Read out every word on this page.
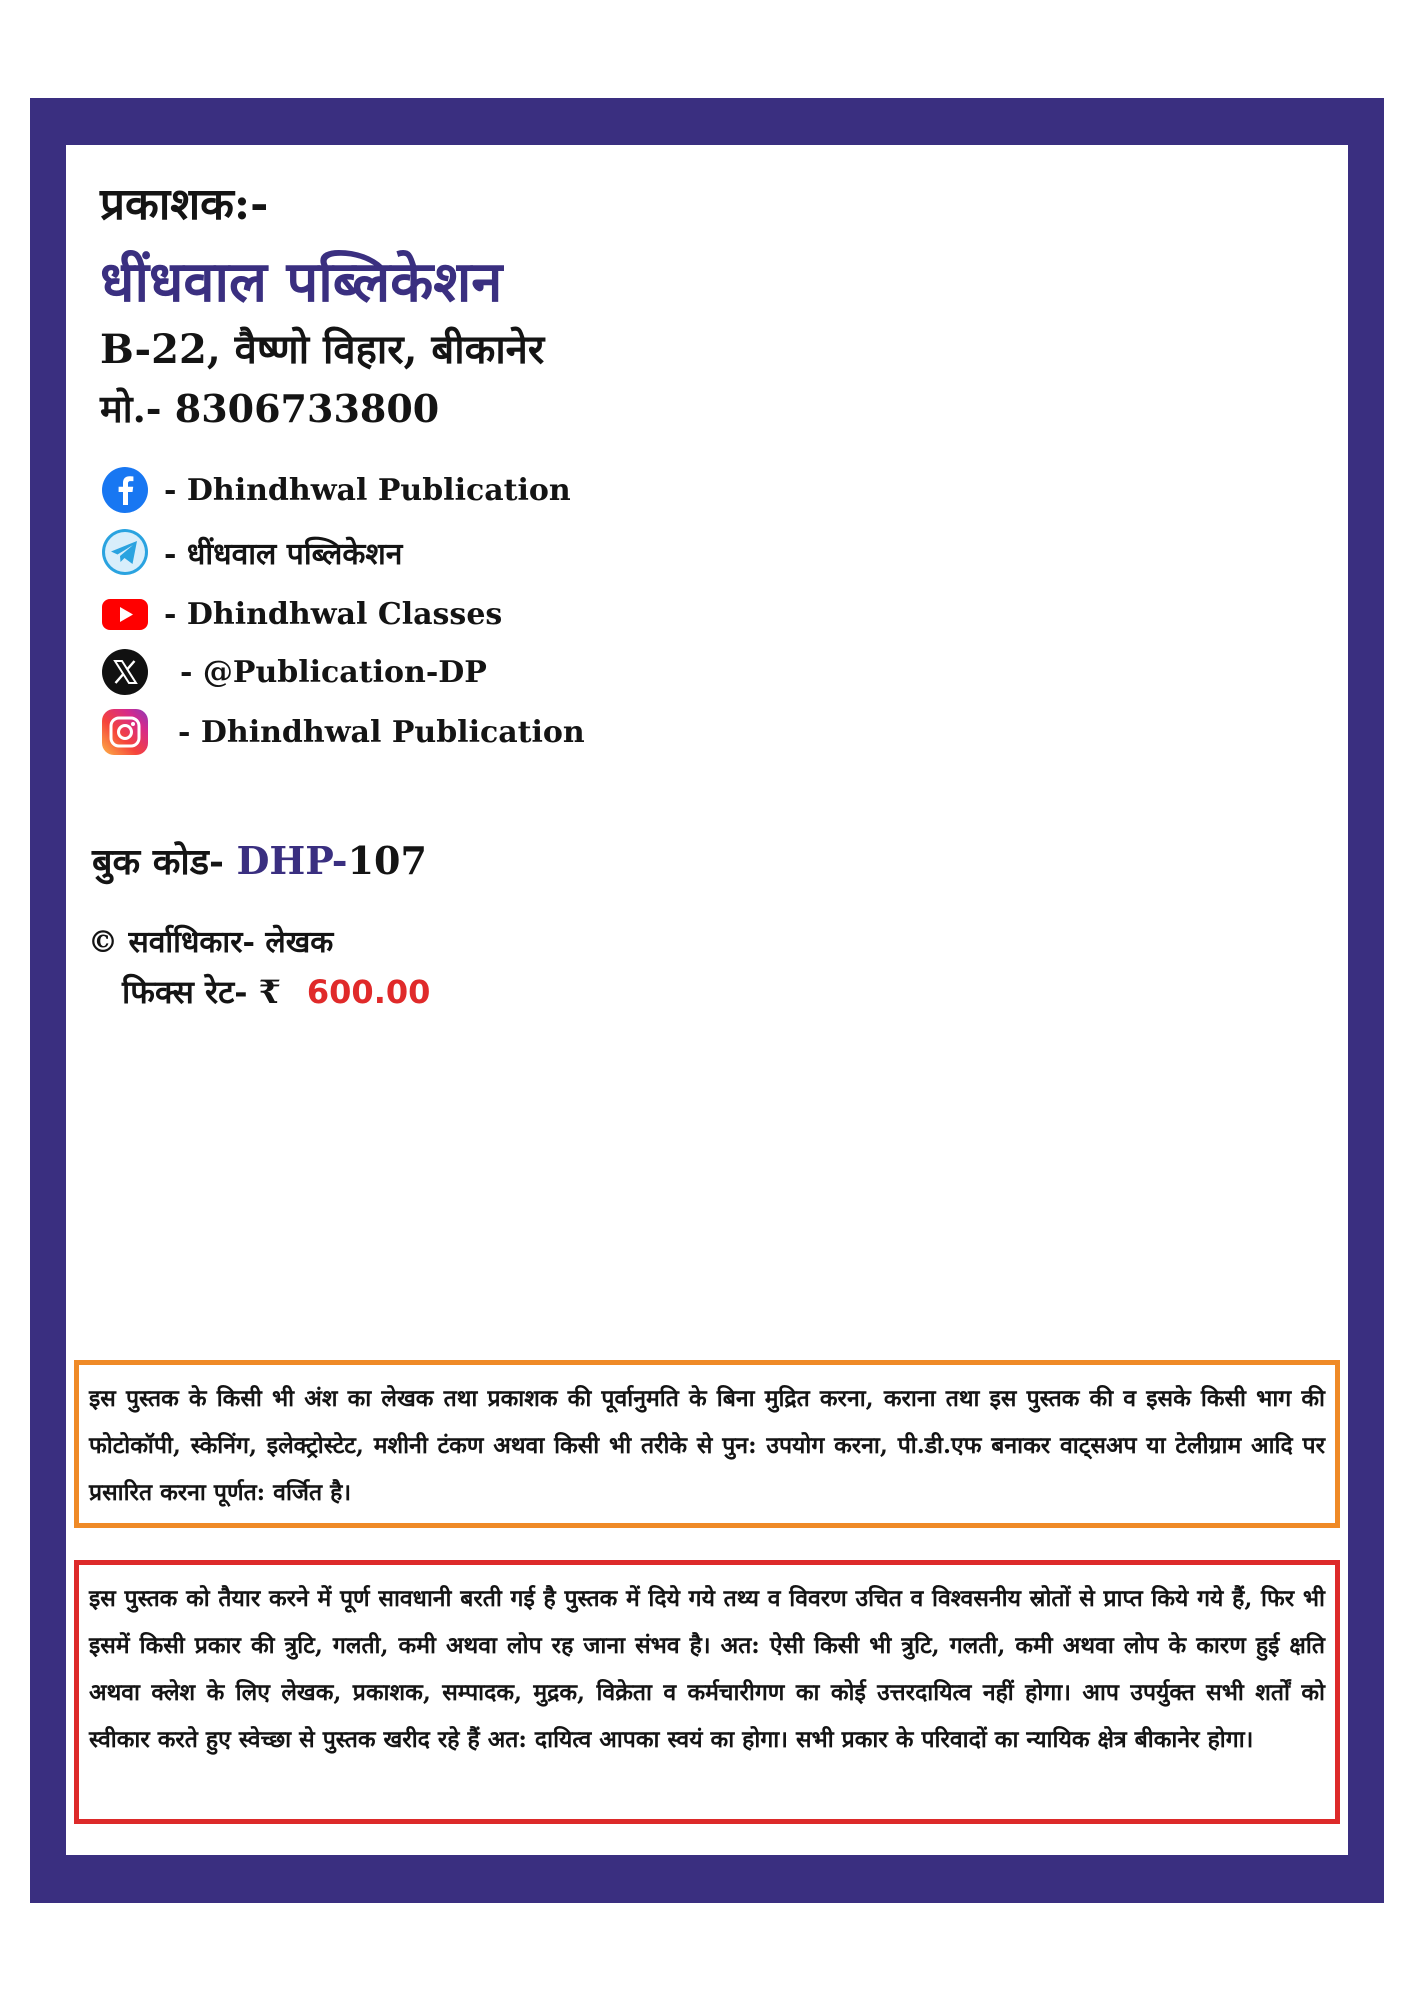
प्रकाशक:-
धींधवाल पब्लिकेशन
B-22, वैष्णो विहार, बीकानेर
मो.- 8306733800
- Dhindhwal Publication
- धींधवाल पब्लिकेशन
- Dhindhwal Classes
- @Publication-DP
- Dhindhwal Publication
बुक कोड- DHP-107
© सर्वाधिकार- लेखक
फिक्स रेट- ₹ 600.00
इस पुस्तक के किसी भी अंश का लेखक तथा प्रकाशक की पूर्वानुमति के बिना मुद्रित करना, कराना तथा इस पुस्तक की व इसके किसी भाग की फोटोकॉपी, स्केनिंग, इलेक्ट्रोस्टेट, मशीनी टंकण अथवा किसी भी तरीके से पुन: उपयोग करना, पी.डी.एफ बनाकर वाट्सअप या टेलीग्राम आदि पर प्रसारित करना पूर्णत: वर्जित है।
इस पुस्तक को तैयार करने में पूर्ण सावधानी बरती गई है पुस्तक में दिये गये तथ्य व विवरण उचित व विश्वसनीय स्रोतों से प्राप्त किये गये हैं, फिर भी इसमें किसी प्रकार की त्रुटि, गलती, कमी अथवा लोप रह जाना संभव है। अत: ऐसी किसी भी त्रुटि, गलती, कमी अथवा लोप के कारण हुई क्षति अथवा क्लेश के लिए लेखक, प्रकाशक, सम्पादक, मुद्रक, विक्रेता व कर्मचारीगण का कोई उत्तरदायित्व नहीं होगा। आप उपर्युक्त सभी शर्तों को स्वीकार करते हुए स्वेच्छा से पुस्तक खरीद रहे हैं अत: दायित्व आपका स्वयं का होगा। सभी प्रकार के परिवादों का न्यायिक क्षेत्र बीकानेर होगा।
